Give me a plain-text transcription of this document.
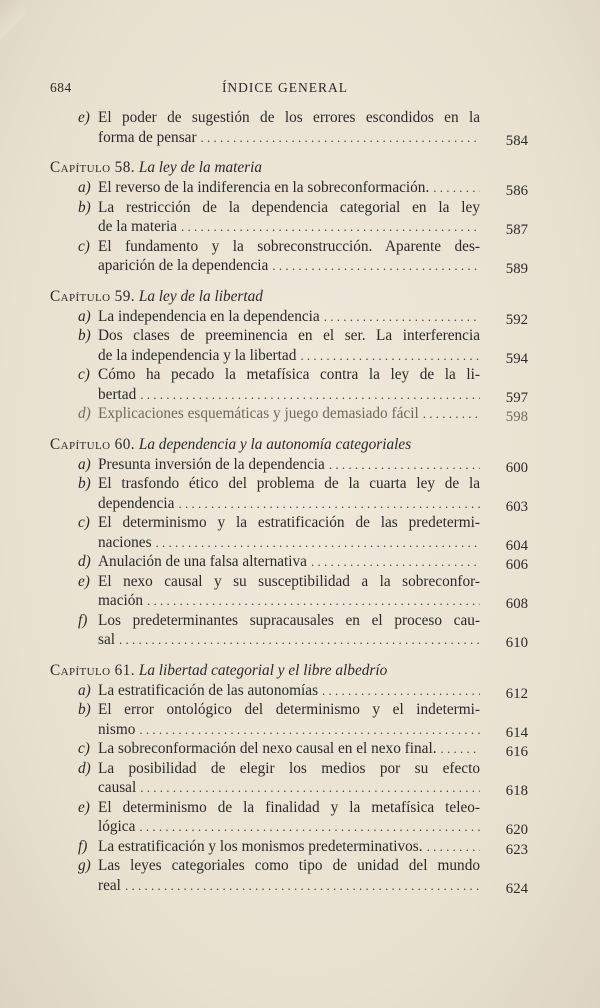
684	ÍNDICE GENERAL
e) El poder de sugestión de los errores escondidos en la
forma de pensar . . .	584
Capítulo 58. La ley de la materia
a) El reverso de la indiferencia en la sobreconformación. . . .	586
b) La restricción de la dependencia categorial en la ley
de la materia . . .	587
c) El fundamento y la sobreconstrucción. Aparente des-
aparición de la dependencia . . .	589
Capítulo 59. La ley de la libertad
a) La independencia en la dependencia . . .	592
b) Dos clases de preeminencia en el ser. La interferencia
de la independencia y la libertad . . .	594
c) Cómo ha pecado la metafísica contra la ley de la li-
bertad . . .	597
d) Explicaciones esquemáticas y juego demasiado fácil . . .	598
Capítulo 60. La dependencia y la autonomía categoriales
a) Presunta inversión de la dependencia . . .	600
b) El trasfondo ético del problema de la cuarta ley de la
dependencia . . .	603
c) El determinismo y la estratificación de las predetermi-
naciones . . .	604
d) Anulación de una falsa alternativa . . .	606
e) El nexo causal y su susceptibilidad a la sobreconfor-
mación . . .	608
f) Los predeterminantes supracausales en el proceso cau-
sal . . .	610
Capítulo 61. La libertad categorial y el libre albedrío
a) La estratificación de las autonomías . . .	612
b) El error ontológico del determinismo y el indetermi-
nismo . . .	614
c) La sobreconformación del nexo causal en el nexo final. . . .	616
d) La posibilidad de elegir los medios por su efecto
causal . . .	618
e) El determinismo de la finalidad y la metafísica teleo-
lógica . . .	620
f) La estratificación y los monismos predeterminativos. . . .	623
g) Las leyes categoriales como tipo de unidad del mundo
real . . .	624
